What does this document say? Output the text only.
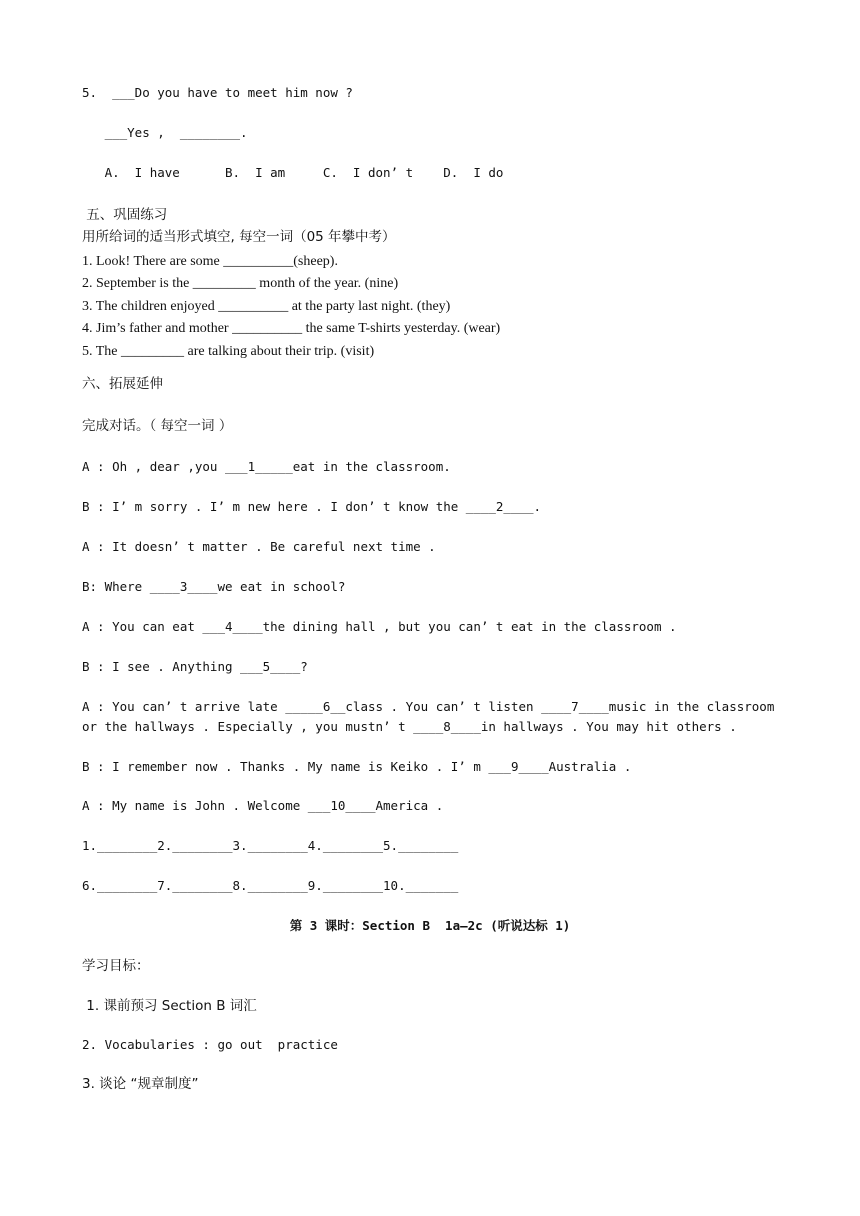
5.  ___Do you have to meet him now ?
___Yes ,  ________.
A.  I have      B.  I am     C.  I don’ t    D.  I do
五、巩固练习
用所给词的适当形式填空, 每空一词（05 年攀中考）
1. Look! There are some __________(sheep).
2. September is the _________ month of the year. (nine)
3. The children enjoyed __________ at the party last night. (they)
4. Jim’s father and mother __________ the same T-shirts yesterday. (wear)
5. The _________ are talking about their trip. (visit)
六、拓展延伸
完成对话。（ 每空一词 ）
A : Oh , dear ,you ___1_____eat in the classroom.
B : I’ m sorry . I’ m new here . I don’ t know the ____2____.
A : It doesn’ t matter . Be careful next time .
B: Where ____3____we eat in school?
A : You can eat ___4____the dining hall , but you can’ t eat in the classroom .
B : I see . Anything ___5____?
A : You can’ t arrive late _____6__class . You can’ t listen ____7____music in the classroom
or the hallways . Especially , you mustn’ t ____8____in hallways . You may hit others .
B : I remember now . Thanks . My name is Keiko . I’ m ___9____Australia .
A : My name is John . Welcome ___10____America .
1.________2.________3.________4.________5.________
6.________7.________8.________9.________10._______
第 3 课时：Section B  1a—2c (听说达标 1)
学习目标：
1. 课前预习 Section B 词汇
2. Vocabularies : go out  practice
3. 谈论 “规章制度”
